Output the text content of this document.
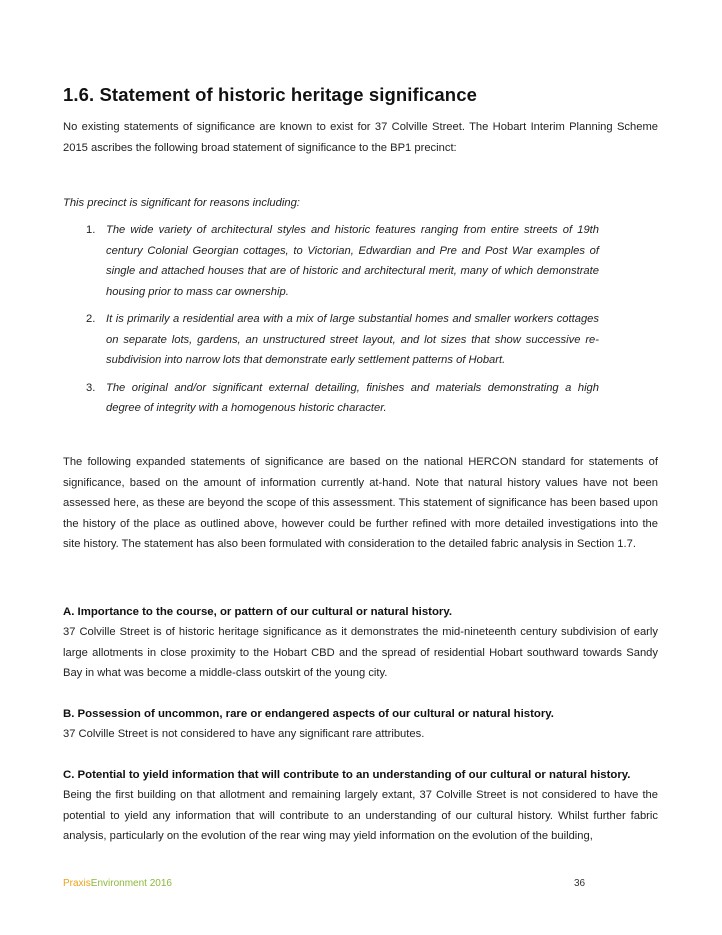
1.6. Statement of historic heritage significance

No existing statements of significance are known to exist for 37 Colville Street. The Hobart Interim Planning Scheme 2015 ascribes the following broad statement of significance to the BP1 precinct:

This precinct is significant for reasons including:

1. The wide variety of architectural styles and historic features ranging from entire streets of 19th century Colonial Georgian cottages, to Victorian, Edwardian and Pre and Post War examples of single and attached houses that are of historic and architectural merit, many of which demonstrate housing prior to mass car ownership.
2. It is primarily a residential area with a mix of large substantial homes and smaller workers cottages on separate lots, gardens, an unstructured street layout, and lot sizes that show successive re-subdivision into narrow lots that demonstrate early settlement patterns of Hobart.
3. The original and/or significant external detailing, finishes and materials demonstrating a high degree of integrity with a homogenous historic character.

The following expanded statements of significance are based on the national HERCON standard for statements of significance, based on the amount of information currently at-hand. Note that natural history values have not been assessed here, as these are beyond the scope of this assessment. This statement of significance has been based upon the history of the place as outlined above, however could be further refined with more detailed investigations into the site history. The statement has also been formulated with consideration to the detailed fabric analysis in Section 1.7.

A. Importance to the course, or pattern of our cultural or natural history.

37 Colville Street is of historic heritage significance as it demonstrates the mid-nineteenth century subdivision of early large allotments in close proximity to the Hobart CBD and the spread of residential Hobart southward towards Sandy Bay in what was become a middle-class outskirt of the young city.

B. Possession of uncommon, rare or endangered aspects of our cultural or natural history.

37 Colville Street is not considered to have any significant rare attributes.

C. Potential to yield information that will contribute to an understanding of our cultural or natural history.

Being the first building on that allotment and remaining largely extant, 37 Colville Street is not considered to have the potential to yield any information that will contribute to an understanding of our cultural history. Whilst further fabric analysis, particularly on the evolution of the rear wing may yield information on the evolution of the building,

PraxisEnvironment 2016	36
